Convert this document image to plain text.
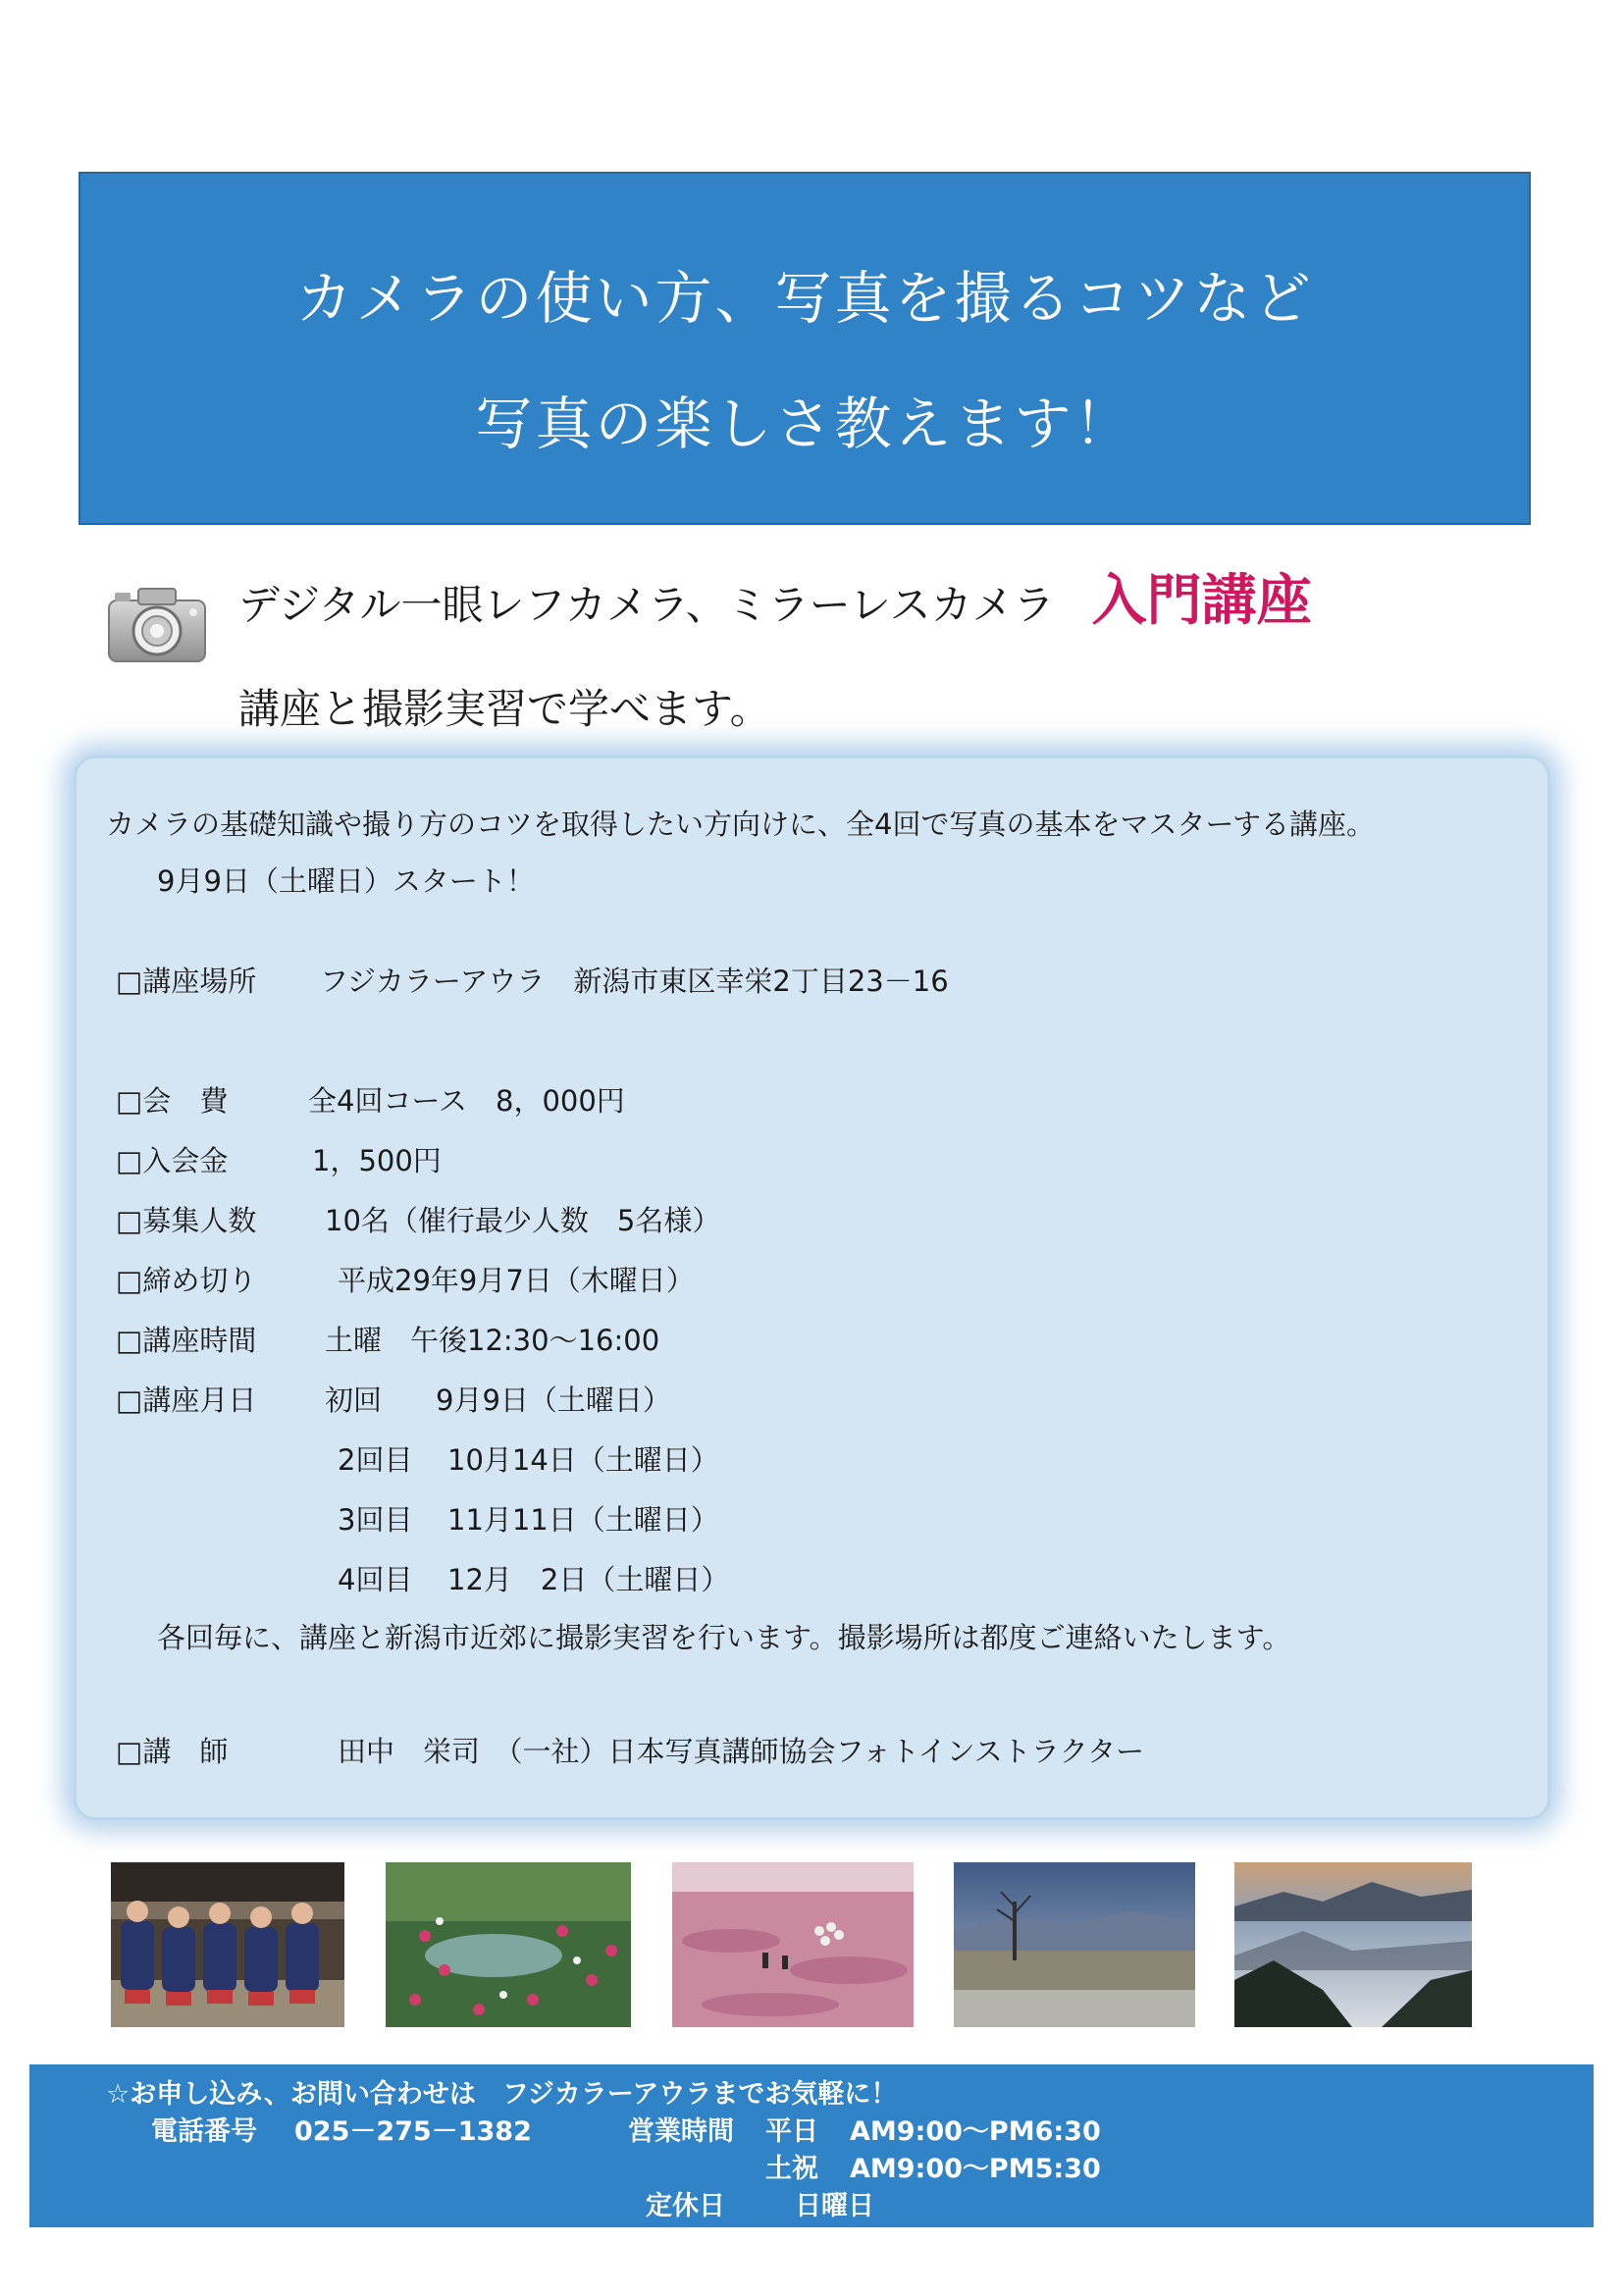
カメラの使い方、写真を撮るコツなど
写真の楽しさ教えます！
デジタル一眼レフカメラ、ミラーレスカメラ 入門講座
講座と撮影実習で学べます。
カメラの基礎知識や撮り方のコツを取得したい方向けに、全4回で写真の基本をマスターする講座。
9月9日（土曜日）スタート！
□講座場所 フジカラーアウラ　新潟市東区幸栄2丁目23－16
□会　費	全4回コース　8，000円
□入会金	1，500円
□募集人数 10名（催行最少人数　5名様）
□締め切り	平成29年9月7日（木曜日）
□講座時間 土曜　午後12:30～16:00
□講座月日 初回 9月9日（土曜日）
2回目 10月14日（土曜日）
3回目 11月11日（土曜日）
4回目 12月　2日（土曜日）
各回毎に、講座と新潟市近郊に撮影実習を行います。撮影場所は都度ご連絡いたします。
□講　師	田中　栄司　（一社）日本写真講師協会フォトインストラクター
☆お申し込み、お問い合わせは　フジカラーアウラまでお気軽に！
電話番号 025－275－1382	営業時間 平日 AM9:00～PM6:30
土祝 AM9:00～PM5:30
定休日	日曜日
